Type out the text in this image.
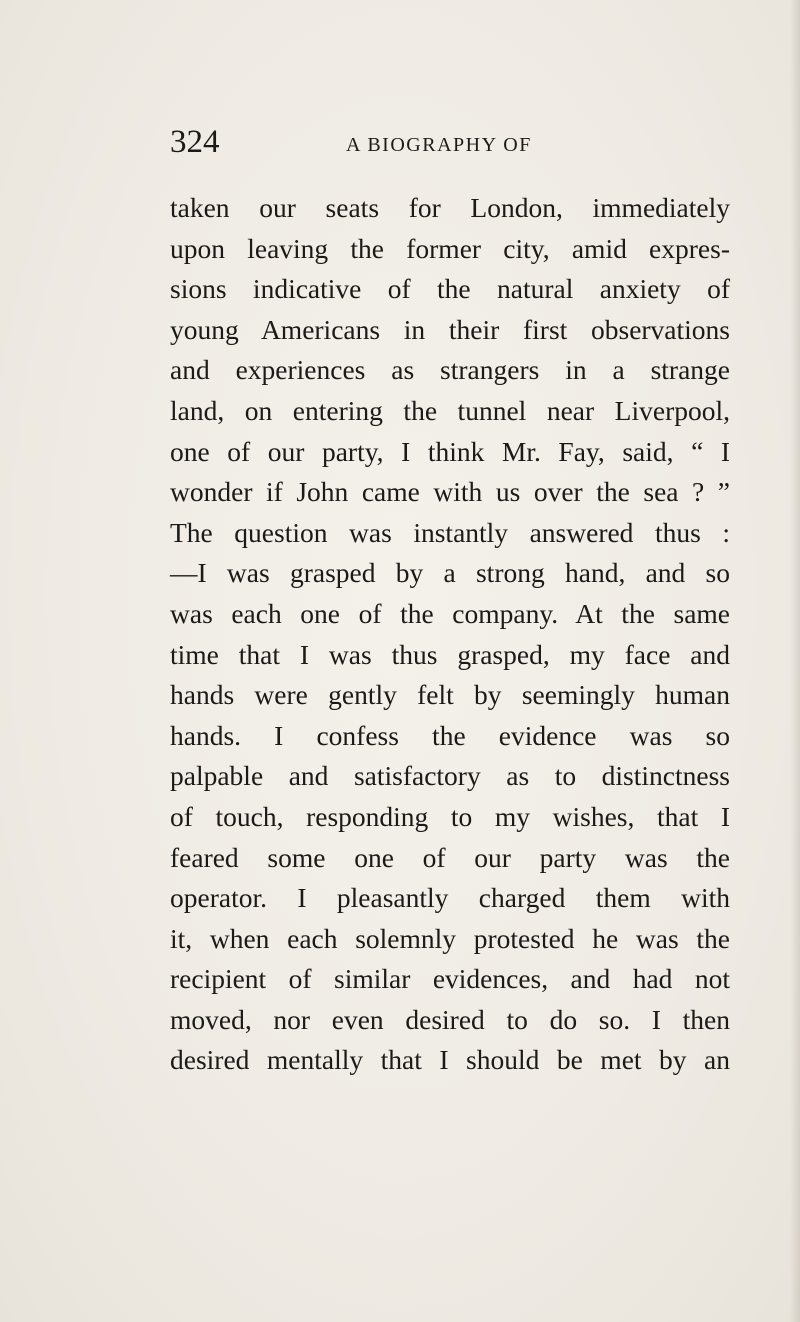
324	A BIOGRAPHY OF
taken our seats for London, immediately
upon leaving the former city, amid expres-
sions indicative of the natural anxiety of
young Americans in their first observations
and experiences as strangers in a strange
land, on entering the tunnel near Liverpool,
one of our party, I think Mr. Fay, said, “ I
wonder if John came with us over the sea ? ”
The question was instantly answered thus :
—I was grasped by a strong hand, and so
was each one of the company. At the same
time that I was thus grasped, my face and
hands were gently felt by seemingly human
hands. I confess the evidence was so
palpable and satisfactory as to distinctness
of touch, responding to my wishes, that I
feared some one of our party was the
operator. I pleasantly charged them with
it, when each solemnly protested he was the
recipient of similar evidences, and had not
moved, nor even desired to do so. I then
desired mentally that I should be met by an
